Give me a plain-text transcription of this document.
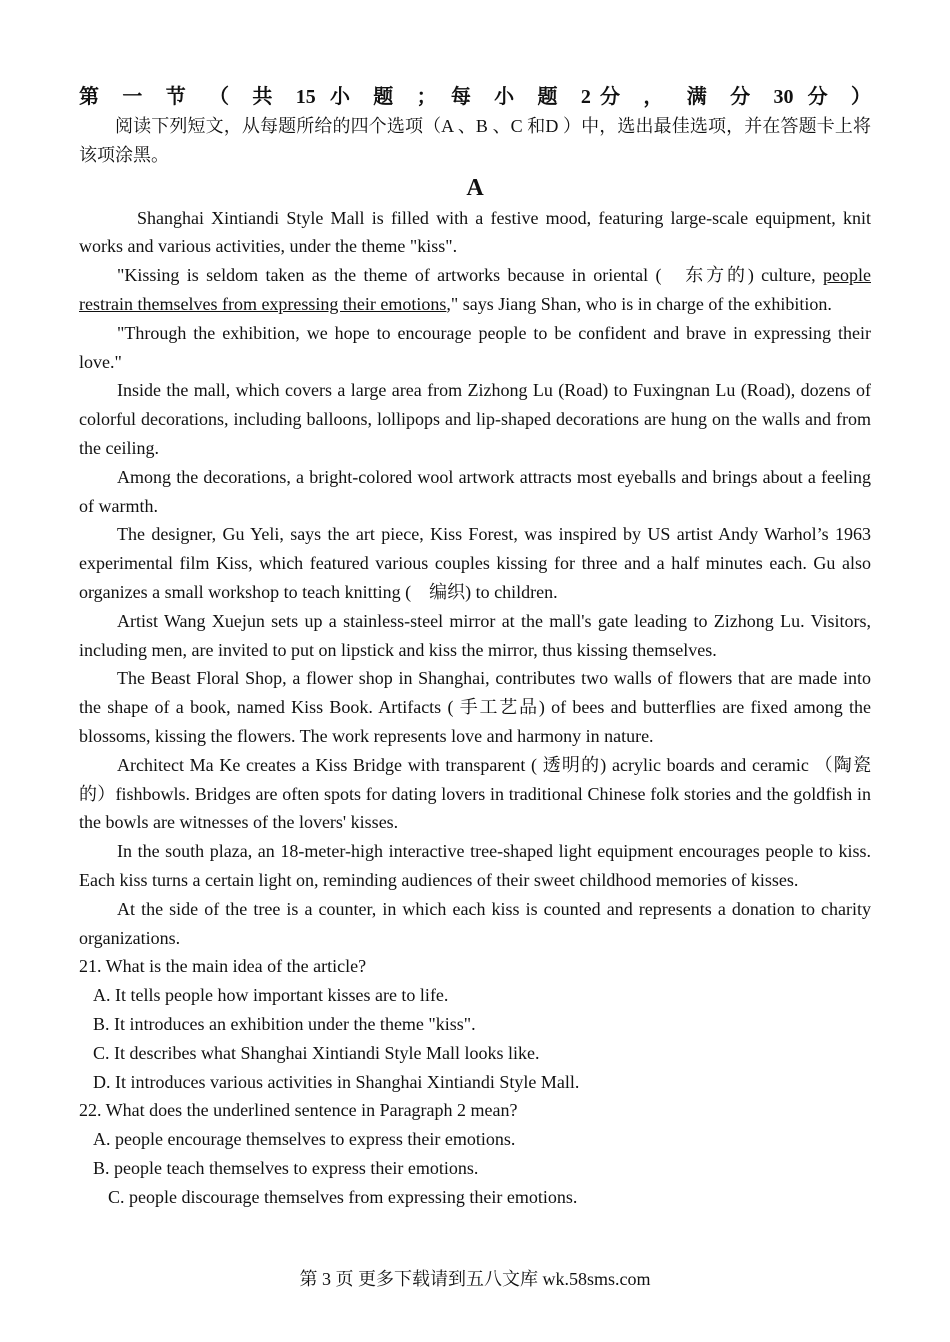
第 一 节 （ 共 15 小 题 ； 每 小 题 2分 ， 满 分 30 分 ）

阅读下列短文，从每题所给的四个选项（A 、B 、C 和D ）中，选出最佳选项，并在答题卡上将该项涂黑。

A

Shanghai Xintiandi Style Mall is filled with a festive mood, featuring large-scale equipment, knit works and various activities, under the theme "kiss".

"Kissing is seldom taken as the theme of artworks because in oriental (　东方的) culture, people restrain themselves from expressing their emotions," says Jiang Shan, who is in charge of the exhibition.

"Through the exhibition, we hope to encourage people to be confident and brave in expressing their love."

Inside the mall, which covers a large area from Zizhong Lu (Road) to Fuxingnan Lu (Road), dozens of colorful decorations, including balloons, lollipops and lip-shaped decorations are hung on the walls and from the ceiling.

Among the decorations, a bright-colored wool artwork attracts most eyeballs and brings about a feeling of warmth.

The designer, Gu Yeli, says the art piece, Kiss Forest, was inspired by US artist Andy Warhol’s 1963 experimental film Kiss, which featured various couples kissing for three and a half minutes each. Gu also organizes a small workshop to teach knitting (　编织) to children.

Artist Wang Xuejun sets up a stainless-steel mirror at the mall's gate leading to Zizhong Lu. Visitors, including men, are invited to put on lipstick and kiss the mirror, thus kissing themselves.

The Beast Floral Shop, a flower shop in Shanghai, contributes two walls of flowers that are made into the shape of a book, named Kiss Book. Artifacts ( 手工艺品) of bees and butterflies are fixed among the blossoms, kissing the flowers. The work represents love and harmony in nature.

Architect Ma Ke creates a Kiss Bridge with transparent ( 透明的) acrylic boards and ceramic （陶瓷的）fishbowls. Bridges are often spots for dating lovers in traditional Chinese folk stories and the goldfish in the bowls are witnesses of the lovers' kisses.

In the south plaza, an 18-meter-high interactive tree-shaped light equipment encourages people to kiss. Each kiss turns a certain light on, reminding audiences of their sweet childhood memories of kisses.

At the side of the tree is a counter, in which each kiss is counted and represents a donation to charity organizations.

21. What is the main idea of the article?

A. It tells people how important kisses are to life.

B. It introduces an exhibition under the theme "kiss".

C. It describes what Shanghai Xintiandi Style Mall looks like.

D. It introduces various activities in Shanghai Xintiandi Style Mall.

22. What does the underlined sentence in Paragraph 2 mean?

A. people encourage themselves to express their emotions.

B. people teach themselves to express their emotions.

C. people discourage themselves from expressing their emotions.

第 3 页 更多下载请到五八文库 wk.58sms.com
